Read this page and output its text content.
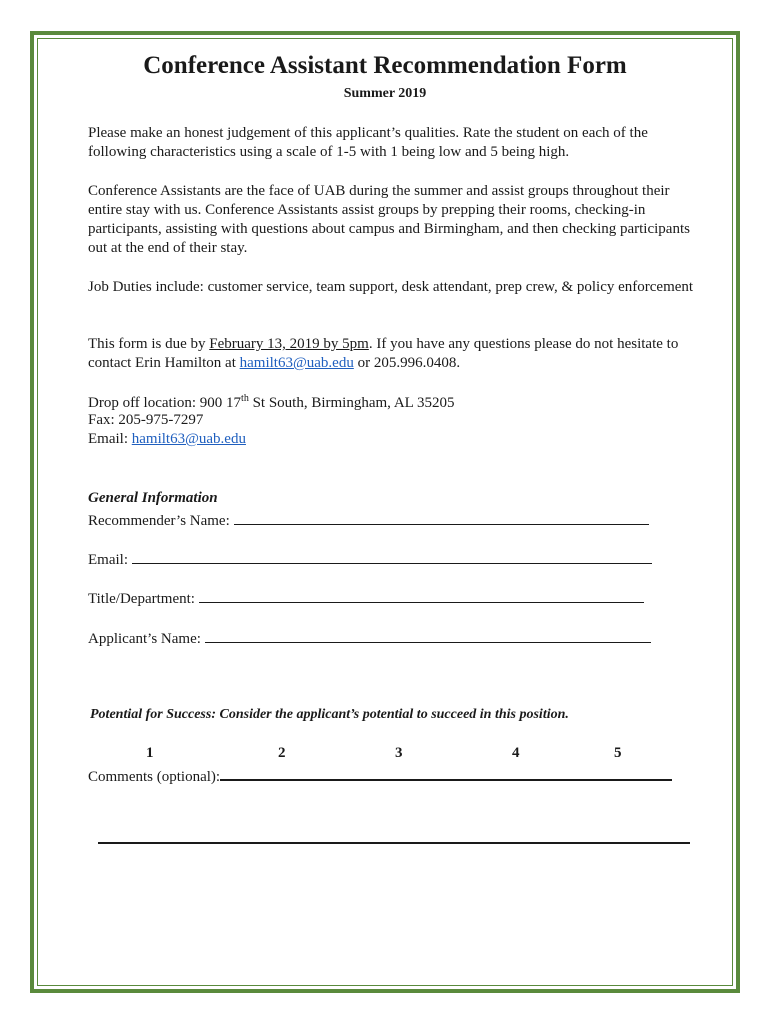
Conference Assistant Recommendation Form
Summer 2019
Please make an honest judgement of this applicant’s qualities. Rate the student on each of the following characteristics using a scale of 1-5 with 1 being low and 5 being high.
Conference Assistants are the face of UAB during the summer and assist groups throughout their entire stay with us. Conference Assistants assist groups by prepping their rooms, checking-in participants, assisting with questions about campus and Birmingham, and then checking participants out at the end of their stay.
Job Duties include: customer service, team support, desk attendant, prep crew, & policy enforcement
This form is due by February 13, 2019 by 5pm. If you have any questions please do not hesitate to contact Erin Hamilton at hamilt63@uab.edu or 205.996.0408.
Drop off location: 900 17th St South, Birmingham, AL 35205
Fax: 205-975-7297
Email: hamilt63@uab.edu
General Information
Recommender’s Name:
Email:
Title/Department:
Applicant’s Name:
Potential for Success: Consider the applicant’s potential to succeed in this position.
1	2	3	4	5
Comments (optional):
